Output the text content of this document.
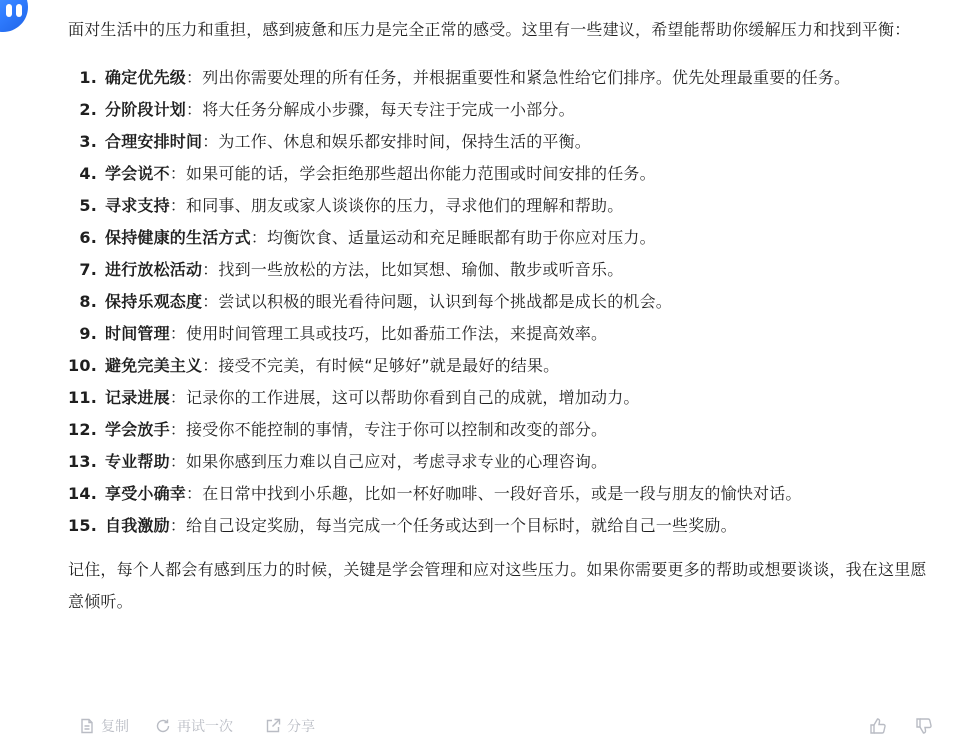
面对生活中的压力和重担，感到疲惫和压力是完全正常的感受。这里有一些建议，希望能帮助你缓解压力和找到平衡：

1. 确定优先级：列出你需要处理的所有任务，并根据重要性和紧急性给它们排序。优先处理最重要的任务。
2. 分阶段计划：将大任务分解成小步骤，每天专注于完成一小部分。
3. 合理安排时间：为工作、休息和娱乐都安排时间，保持生活的平衡。
4. 学会说不：如果可能的话，学会拒绝那些超出你能力范围或时间安排的任务。
5. 寻求支持：和同事、朋友或家人谈谈你的压力，寻求他们的理解和帮助。
6. 保持健康的生活方式：均衡饮食、适量运动和充足睡眠都有助于你应对压力。
7. 进行放松活动：找到一些放松的方法，比如冥想、瑜伽、散步或听音乐。
8. 保持乐观态度：尝试以积极的眼光看待问题，认识到每个挑战都是成长的机会。
9. 时间管理：使用时间管理工具或技巧，比如番茄工作法，来提高效率。
10. 避免完美主义：接受不完美，有时候“足够好”就是最好的结果。
11. 记录进展：记录你的工作进展，这可以帮助你看到自己的成就，增加动力。
12. 学会放手：接受你不能控制的事情，专注于你可以控制和改变的部分。
13. 专业帮助：如果你感到压力难以自己应对，考虑寻求专业的心理咨询。
14. 享受小确幸：在日常中找到小乐趣，比如一杯好咖啡、一段好音乐，或是一段与朋友的愉快对话。
15. 自我激励：给自己设定奖励，每当完成一个任务或达到一个目标时，就给自己一些奖励。

记住，每个人都会有感到压力的时候，关键是学会管理和应对这些压力。如果你需要更多的帮助或想要谈谈，我在这里愿意倾听。

复制	再试一次	分享
